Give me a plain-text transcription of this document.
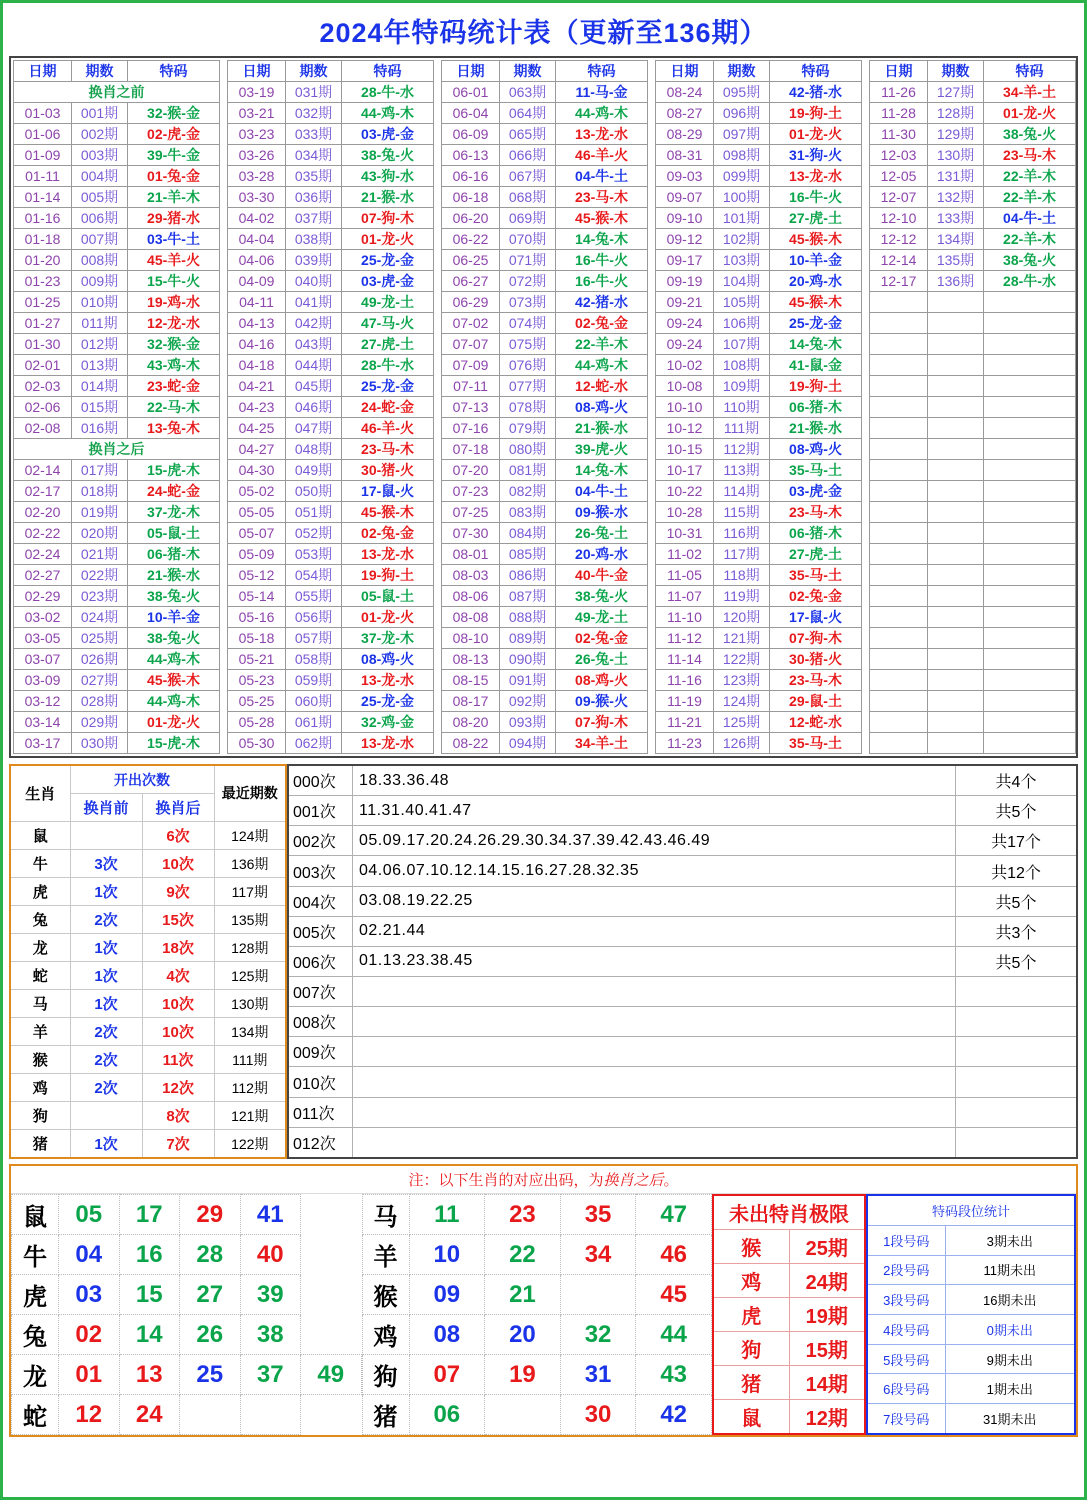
2024年特码统计表（更新至136期）
日期	期数	特码		日期	期数	特码		日期	期数	特码		日期	期数	特码		日期	期数	特码
换肖之前				03-19	031期	28-牛-水		06-01	063期	11-马-金		08-24	095期	42-猪-水		11-26	127期	34-羊-土
01-03	001期	32-猴-金		03-21	032期	44-鸡-木		06-04	064期	44-鸡-木		08-27	096期	19-狗-土		11-28	128期	01-龙-火
01-06	002期	02-虎-金		03-23	033期	03-虎-金		06-09	065期	13-龙-水		08-29	097期	01-龙-火		11-30	129期	38-兔-火
01-09	003期	39-牛-金		03-26	034期	38-兔-火		06-13	066期	46-羊-火		08-31	098期	31-狗-火		12-03	130期	23-马-木
01-11	004期	01-兔-金		03-28	035期	43-狗-水		06-16	067期	04-牛-土		09-03	099期	13-龙-水		12-05	131期	22-羊-木
01-14	005期	21-羊-木		03-30	036期	21-猴-水		06-18	068期	23-马-木		09-07	100期	16-牛-火		12-07	132期	22-羊-木
01-16	006期	29-猪-水		04-02	037期	07-狗-木		06-20	069期	45-猴-木		09-10	101期	27-虎-土		12-10	133期	04-牛-土
01-18	007期	03-牛-土		04-04	038期	01-龙-火		06-22	070期	14-兔-木		09-12	102期	45-猴-木		12-12	134期	22-羊-木
01-20	008期	45-羊-火		04-06	039期	25-龙-金		06-25	071期	16-牛-火		09-17	103期	10-羊-金		12-14	135期	38-兔-火
01-23	009期	15-牛-火		04-09	040期	03-虎-金		06-27	072期	16-牛-火		09-19	104期	20-鸡-水		12-17	136期	28-牛-水
01-25	010期	19-鸡-水		04-11	041期	49-龙-土		06-29	073期	42-猪-水		09-21	105期	45-猴-木				
01-27	011期	12-龙-水		04-13	042期	47-马-火		07-02	074期	02-兔-金		09-24	106期	25-龙-金				
01-30	012期	32-猴-金		04-16	043期	27-虎-土		07-07	075期	22-羊-木		09-24	107期	14-兔-木				
02-01	013期	43-鸡-木		04-18	044期	28-牛-水		07-09	076期	44-鸡-木		10-02	108期	41-鼠-金				
02-03	014期	23-蛇-金		04-21	045期	25-龙-金		07-11	077期	12-蛇-水		10-08	109期	19-狗-土				
02-06	015期	22-马-木		04-23	046期	24-蛇-金		07-13	078期	08-鸡-火		10-10	110期	06-猪-木				
02-08	016期	13-兔-木		04-25	047期	46-羊-火		07-16	079期	21-猴-水		10-12	111期	21-猴-水				
换肖之后				04-27	048期	23-马-木		07-18	080期	39-虎-火		10-15	112期	08-鸡-火				
02-14	017期	15-虎-木		04-30	049期	30-猪-火		07-20	081期	14-兔-木		10-17	113期	35-马-土				
02-17	018期	24-蛇-金		05-02	050期	17-鼠-火		07-23	082期	04-牛-土		10-22	114期	03-虎-金				
02-20	019期	37-龙-木		05-05	051期	45-猴-木		07-25	083期	09-猴-水		10-28	115期	23-马-木				
02-22	020期	05-鼠-土		05-07	052期	02-兔-金		07-30	084期	26-兔-土		10-31	116期	06-猪-木				
02-24	021期	06-猪-木		05-09	053期	13-龙-水		08-01	085期	20-鸡-水		11-02	117期	27-虎-土				
02-27	022期	21-猴-水		05-12	054期	19-狗-土		08-03	086期	40-牛-金		11-05	118期	35-马-土				
02-29	023期	38-兔-火		05-14	055期	05-鼠-土		08-06	087期	38-兔-火		11-07	119期	02-兔-金				
03-02	024期	10-羊-金		05-16	056期	01-龙-火		08-08	088期	49-龙-土		11-10	120期	17-鼠-火				
03-05	025期	38-兔-火		05-18	057期	37-龙-木		08-10	089期	02-兔-金		11-12	121期	07-狗-木				
03-07	026期	44-鸡-木		05-21	058期	08-鸡-火		08-13	090期	26-兔-土		11-14	122期	30-猪-火				
03-09	027期	45-猴-木		05-23	059期	13-龙-水		08-15	091期	08-鸡-火		11-16	123期	23-马-木				
03-12	028期	44-鸡-木		05-25	060期	25-龙-金		08-17	092期	09-猴-火		11-19	124期	29-鼠-土				
03-14	029期	01-龙-火		05-28	061期	32-鸡-金		08-20	093期	07-狗-木		11-21	125期	12-蛇-水				
03-17	030期	15-虎-木		05-30	062期	13-龙-水		08-22	094期	34-羊-土		11-23	126期	35-马-土				
生肖	开出次数		最近期数
	换肖前	换肖后	
鼠		6次	124期
牛	3次	10次	136期
虎	1次	9次	117期
兔	2次	15次	135期
龙	1次	18次	128期
蛇	1次	4次	125期
马	1次	10次	130期
羊	2次	10次	134期
猴	2次	11次	111期
鸡	2次	12次	112期
狗		8次	121期
猪	1次	7次	122期
000次	18.33.36.48	共4个
001次	11.31.40.41.47	共5个
002次	05.09.17.20.24.26.29.30.34.37.39.42.43.46.49	共17个
003次	04.06.07.10.12.14.15.16.27.28.32.35	共12个
004次	03.08.19.22.25	共5个
005次	02.21.44	共3个
006次	01.13.23.38.45	共5个
007次		
008次		
009次		
010次		
011次		
012次		
注：以下生肖的对应出码，为换肖之后。
鼠	05	17	29	41	
牛	04	16	28	40	
虎	03	15	27	39	
兔	02	14	26	38	
龙	01	13	25	37	49
蛇	12	24			
马	11	23	35	47
羊	10	22	34	46
猴	09	21		45
鸡	08	20	32	44
狗	07	19	31	43
猪	06		30	42
未出特肖极限	
猴	25期
鸡	24期
虎	19期
狗	15期
猪	14期
鼠	12期
特码段位统计	
1段号码	3期未出
2段号码	11期未出
3段号码	16期未出
4段号码	0期未出
5段号码	9期未出
6段号码	1期未出
7段号码	31期未出
